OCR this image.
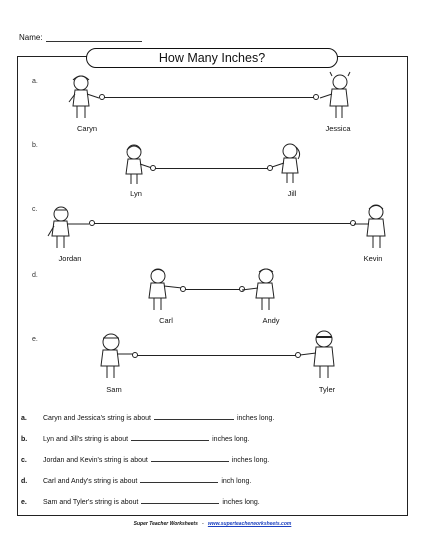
Name:
How Many Inches?
a.
Caryn	Jessica
b.
Lyn	Jill
c.
Jordan	Kevin
d.
Carl	Andy
e.
Sam	Tyler
a.	Caryn and Jessica's string is about	inches long.
b.	Lyn and Jill's string is about	inches long.
c.	Jordan and Kevin's string is about	inches long.
d.	Carl and Andy's string is about	inch long.
e.	Sam and Tyler's string is about	inches long.
Super Teacher Worksheets - www.superteacherworksheets.com
